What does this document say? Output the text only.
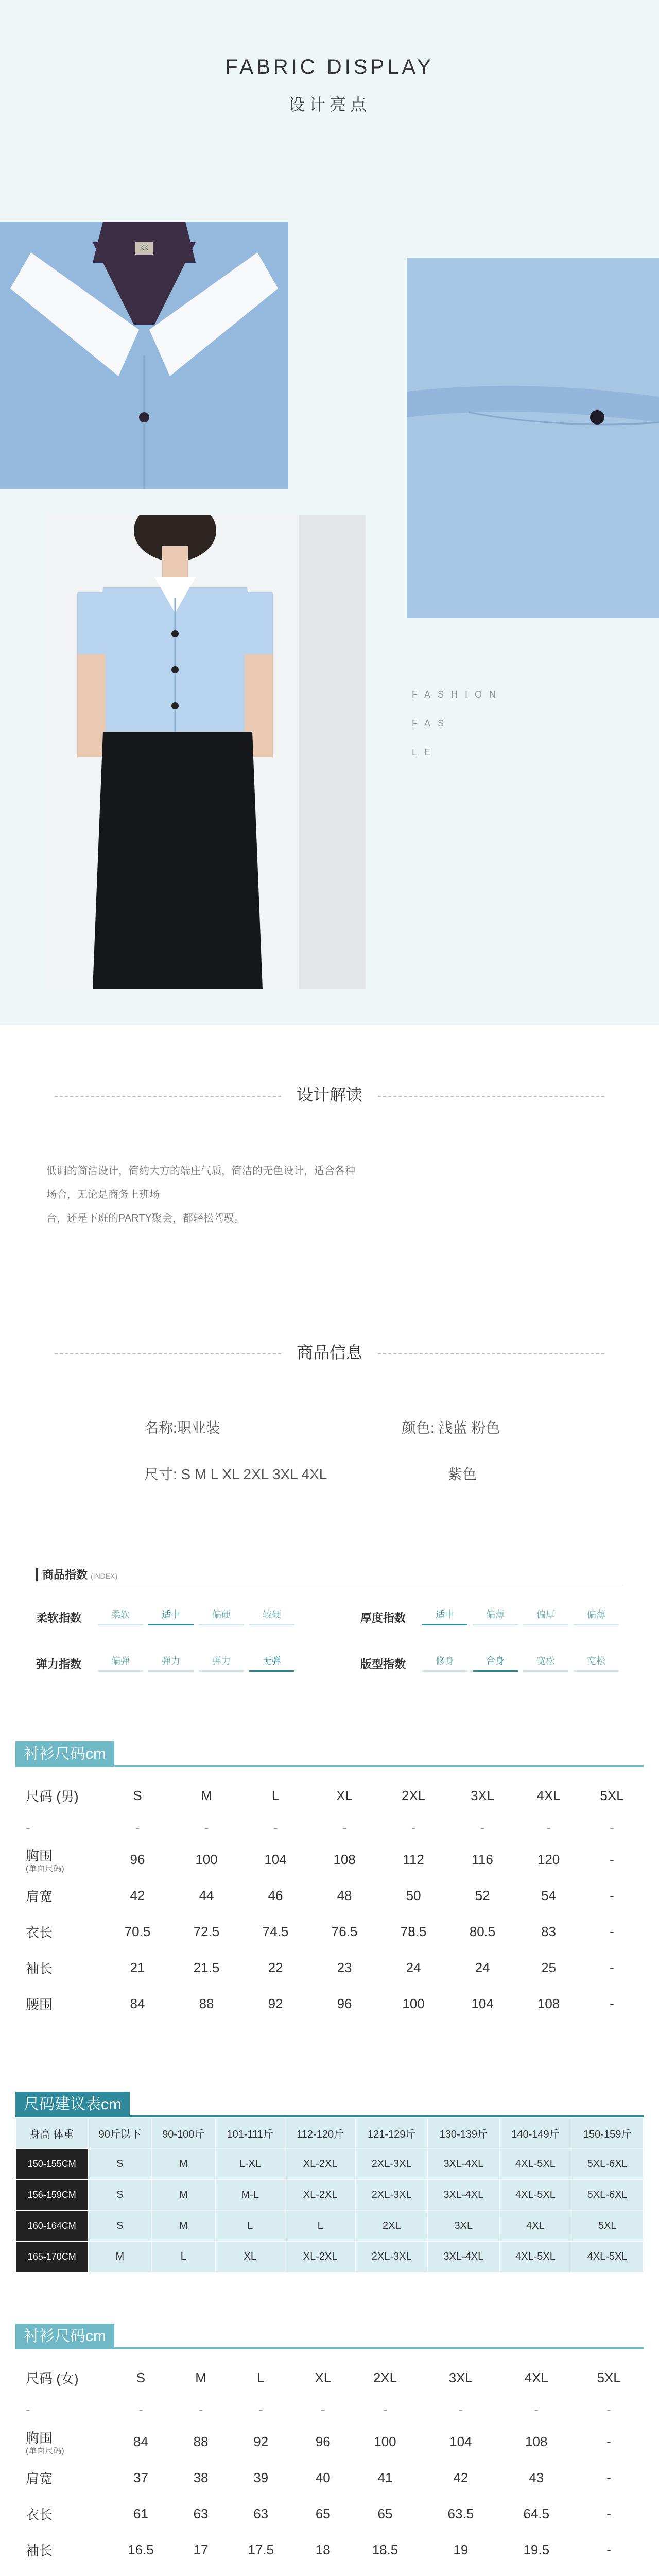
FABRIC DISPLAY
设计亮点
KK
FASHION
FAS
LE
设计解读
低调的简洁设计，简约大方的端庄气质，简洁的无色设计，适合各种
场合，无论是商务上班场
合，还是下班的PARTY聚会，都轻松驾驭。
商品信息
名称:职业装	颜色: 浅蓝 粉色
尺寸: S M L XL 2XL 3XL 4XL	紫色
商品指数 (INDEX)
柔软指数	柔软	适中	偏硬	较硬	厚度指数	适中	偏薄	偏厚	偏薄
弹力指数	偏弹	弹力	弹力	无弹	版型指数	修身	合身	宽松	宽松
衬衫尺码cm
尺码 (男)	S	M	L	XL	2XL	3XL	4XL	5XL
-	-	-	-	-	-	-	-	-
胸围
(单面尺码)	96	100	104	108	112	116	120	-
肩宽	42	44	46	48	50	52	54	-
衣长	70.5	72.5	74.5	76.5	78.5	80.5	83	-
袖长	21	21.5	22	23	24	24	25	-
腰围	84	88	92	96	100	104	108	-
尺码建议表cm
身高 体重	90斤以下	90-100斤	101-111斤	112-120斤	121-129斤	130-139斤	140-149斤	150-159斤
150-155CM	S	M	L-XL	XL-2XL	2XL-3XL	3XL-4XL	4XL-5XL	5XL-6XL
156-159CM	S	M	M-L	XL-2XL	2XL-3XL	3XL-4XL	4XL-5XL	5XL-6XL
160-164CM	S	M	L	L	2XL	3XL	4XL	5XL
165-170CM	M	L	XL	XL-2XL	2XL-3XL	3XL-4XL	4XL-5XL	4XL-5XL
衬衫尺码cm
尺码 (女)	S	M	L	XL	2XL	3XL	4XL	5XL
-	-	-	-	-	-	-	-	-
胸围
(单面尺码)	84	88	92	96	100	104	108	-
肩宽	37	38	39	40	41	42	43	-
衣长	61	63	63	65	65	63.5	64.5	-
袖长	16.5	17	17.5	18	18.5	19	19.5	-
